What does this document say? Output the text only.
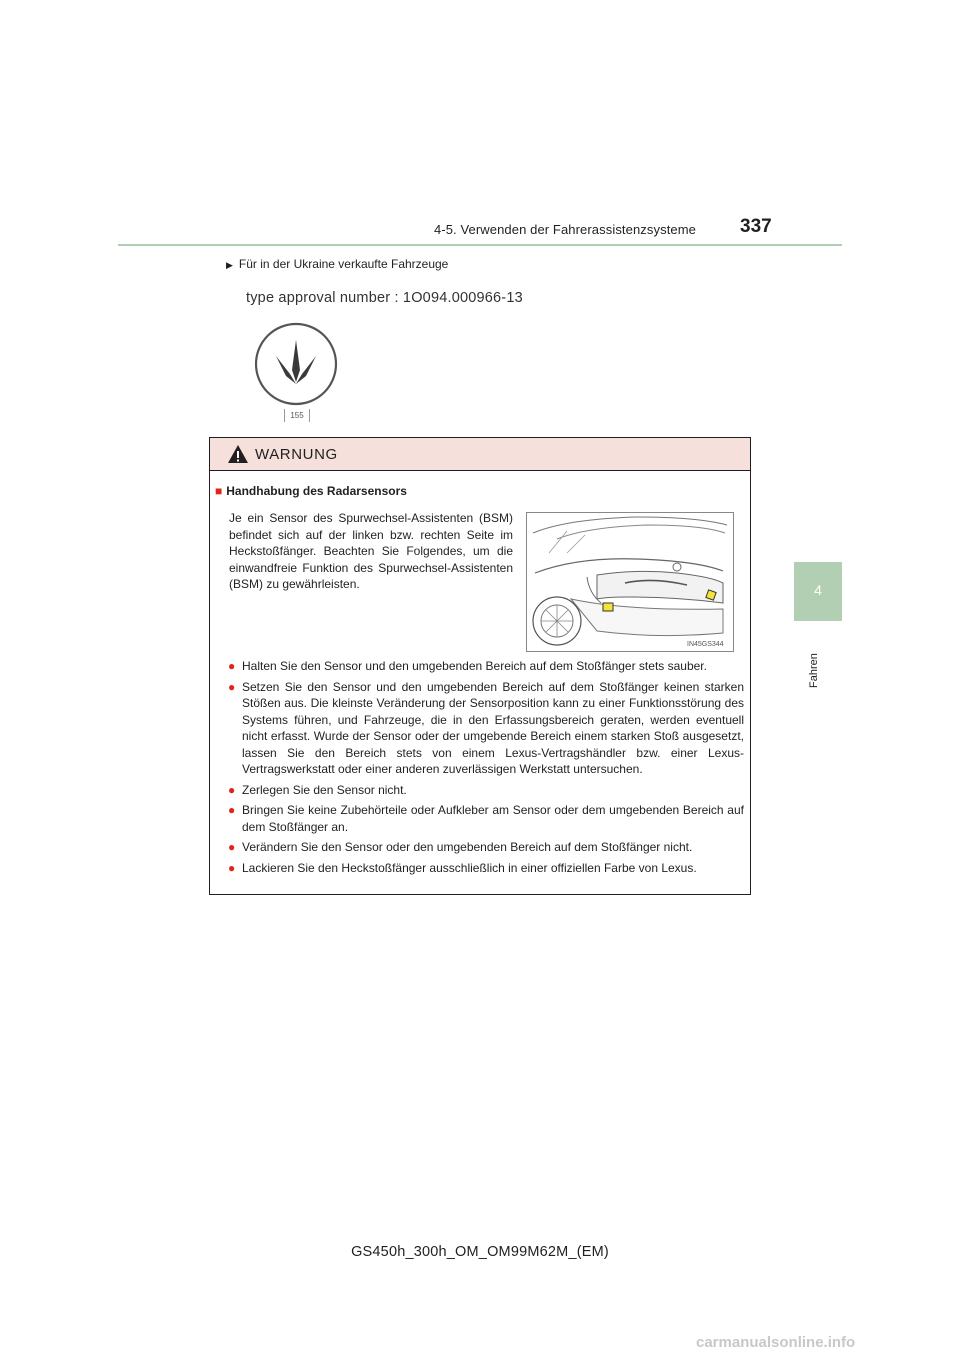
4-5. Verwenden der Fahrerassistenzsysteme 337
4
Fahren
▶ Für in der Ukraine verkaufte Fahrzeuge
type approval number : 1O094.000966-13
155
WARNUNG
■ Handhabung des Radarsensors
Je ein Sensor des Spurwechsel-Assistenten (BSM) befindet sich auf der linken bzw. rechten Seite im Heckstoßfänger. Beachten Sie Folgendes, um die einwandfreie Funktion des Spurwechsel-Assistenten (BSM) zu gewährleisten.
IN45GS344
● Halten Sie den Sensor und den umgebenden Bereich auf dem Stoßfänger stets sauber.
● Setzen Sie den Sensor und den umgebenden Bereich auf dem Stoßfänger keinen starken Stößen aus. Die kleinste Veränderung der Sensorposition kann zu einer Funktionsstörung des Systems führen, und Fahrzeuge, die in den Erfassungsbereich geraten, werden eventuell nicht erfasst. Wurde der Sensor oder der umgebende Bereich einem starken Stoß ausgesetzt, lassen Sie den Bereich stets von einem Lexus-Vertragshändler bzw. einer Lexus-Vertragswerkstatt oder einer anderen zuverlässigen Werkstatt untersuchen.
● Zerlegen Sie den Sensor nicht.
● Bringen Sie keine Zubehörteile oder Aufkleber am Sensor oder dem umgebenden Bereich auf dem Stoßfänger an.
● Verändern Sie den Sensor oder den umgebenden Bereich auf dem Stoßfänger nicht.
● Lackieren Sie den Heckstoßfänger ausschließlich in einer offiziellen Farbe von Lexus.
GS450h_300h_OM_OM99M62M_(EM)
carmanualsonline.info
